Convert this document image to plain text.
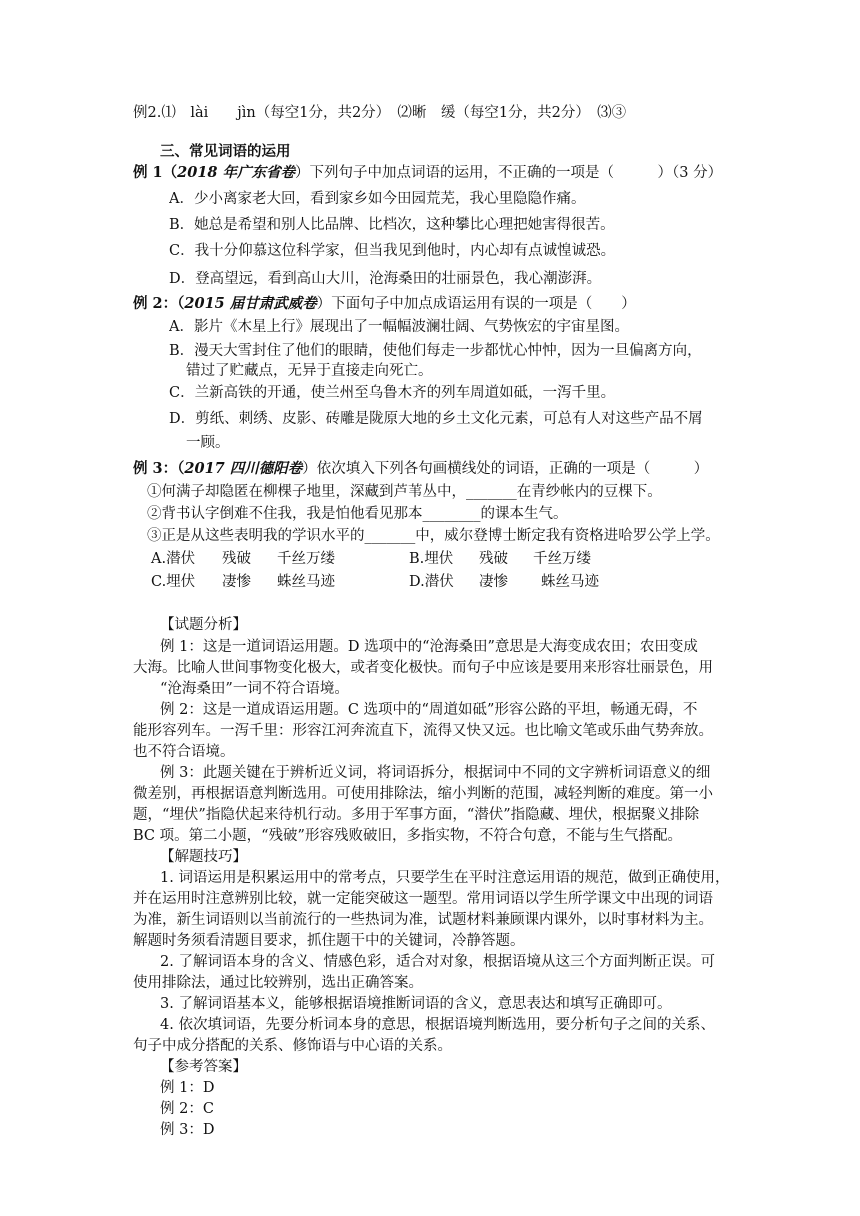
例2.⑴　lài　　jìn（每空1分，共2分）　⑵晰　缓（每空1分，共2分）　⑶③
三、常见词语的运用
例 1（2018 年广东省卷）下列句子中加点词语的运用，不正确的一项是（　　　）（3 分）
A．少小离家老大回，看到家乡如今田园荒芜，我心里隐隐作痛。
B．她总是希望和别人比品牌、比档次，这种攀比心理把她害得很苦。
C．我十分仰慕这位科学家，但当我见到他时，内心却有点诚惶诚恐。
D．登高望远，看到高山大川，沧海桑田的壮丽景色，我心潮澎湃。
例 2：（2015 届甘肃武威卷）下面句子中加点成语运用有误的一项是（　　）
A．影片《木星上行》展现出了一幅幅波澜壮阔、气势恢宏的宇宙星图。
B．漫天大雪封住了他们的眼睛，使他们每走一步都忧心忡忡，因为一旦偏离方向，
错过了贮藏点，无异于直接走向死亡。
C．兰新高铁的开通，使兰州至乌鲁木齐的列车周道如砥，一泻千里。
D．剪纸、刺绣、皮影、砖雕是陇原大地的乡土文化元素，可总有人对这些产品不屑
一顾。
例 3：（2017 四川德阳卷）依次填入下列各句画横线处的词语，正确的一项是（　　　）
①何满子却隐匿在柳棵子地里，深藏到芦苇丛中，_______在青纱帐内的豆棵下。
②背书认字倒难不住我，我是怕他看见那本________的课本生气。
③正是从这些表明我的学识水平的_______中，威尔登博士断定我有资格进哈罗公学上学。
A.潜伏 残破 千丝万缕	B.埋伏 残破 千丝万缕
C.埋伏 凄惨 蛛丝马迹	D.潜伏 凄惨 蛛丝马迹
【试题分析】
例 1：这是一道词语运用题。D 选项中的“沧海桑田”意思是大海变成农田；农田变成
大海。比喻人世间事物变化极大，或者变化极快。而句子中应该是要用来形容壮丽景色，用
“沧海桑田”一词不符合语境。
例 2：这是一道成语运用题。C 选项中的“周道如砥”形容公路的平坦，畅通无碍，不
能形容列车。一泻千里：形容江河奔流直下，流得又快又远。也比喻文笔或乐曲气势奔放。
也不符合语境。
例 3：此题关键在于辨析近义词，将词语拆分，根据词中不同的文字辨析词语意义的细
微差别，再根据语意判断选用。可使用排除法，缩小判断的范围，减轻判断的难度。第一小
题，“埋伏”指隐伏起来待机行动。多用于军事方面，“潜伏”指隐藏、埋伏，根据聚义排除
BC 项。第二小题，“残破”形容残败破旧，多指实物，不符合句意，不能与生气搭配。
【解题技巧】
1. 词语运用是积累运用中的常考点，只要学生在平时注意运用语的规范，做到正确使用，
并在运用时注意辨别比较，就一定能突破这一题型。常用词语以学生所学课文中出现的词语
为准，新生词语则以当前流行的一些热词为准，试题材料兼顾课内课外，以时事材料为主。
解题时务须看清题目要求，抓住题干中的关键词，冷静答题。
2. 了解词语本身的含义、情感色彩，适合对对象，根据语境从这三个方面判断正误。可
使用排除法，通过比较辨别，选出正确答案。
3. 了解词语基本义，能够根据语境推断词语的含义，意思表达和填写正确即可。
4. 依次填词语，先要分析词本身的意思，根据语境判断选用，要分析句子之间的关系、
句子中成分搭配的关系、修饰语与中心语的关系。
【参考答案】
例 1：D
例 2：C
例 3：D
